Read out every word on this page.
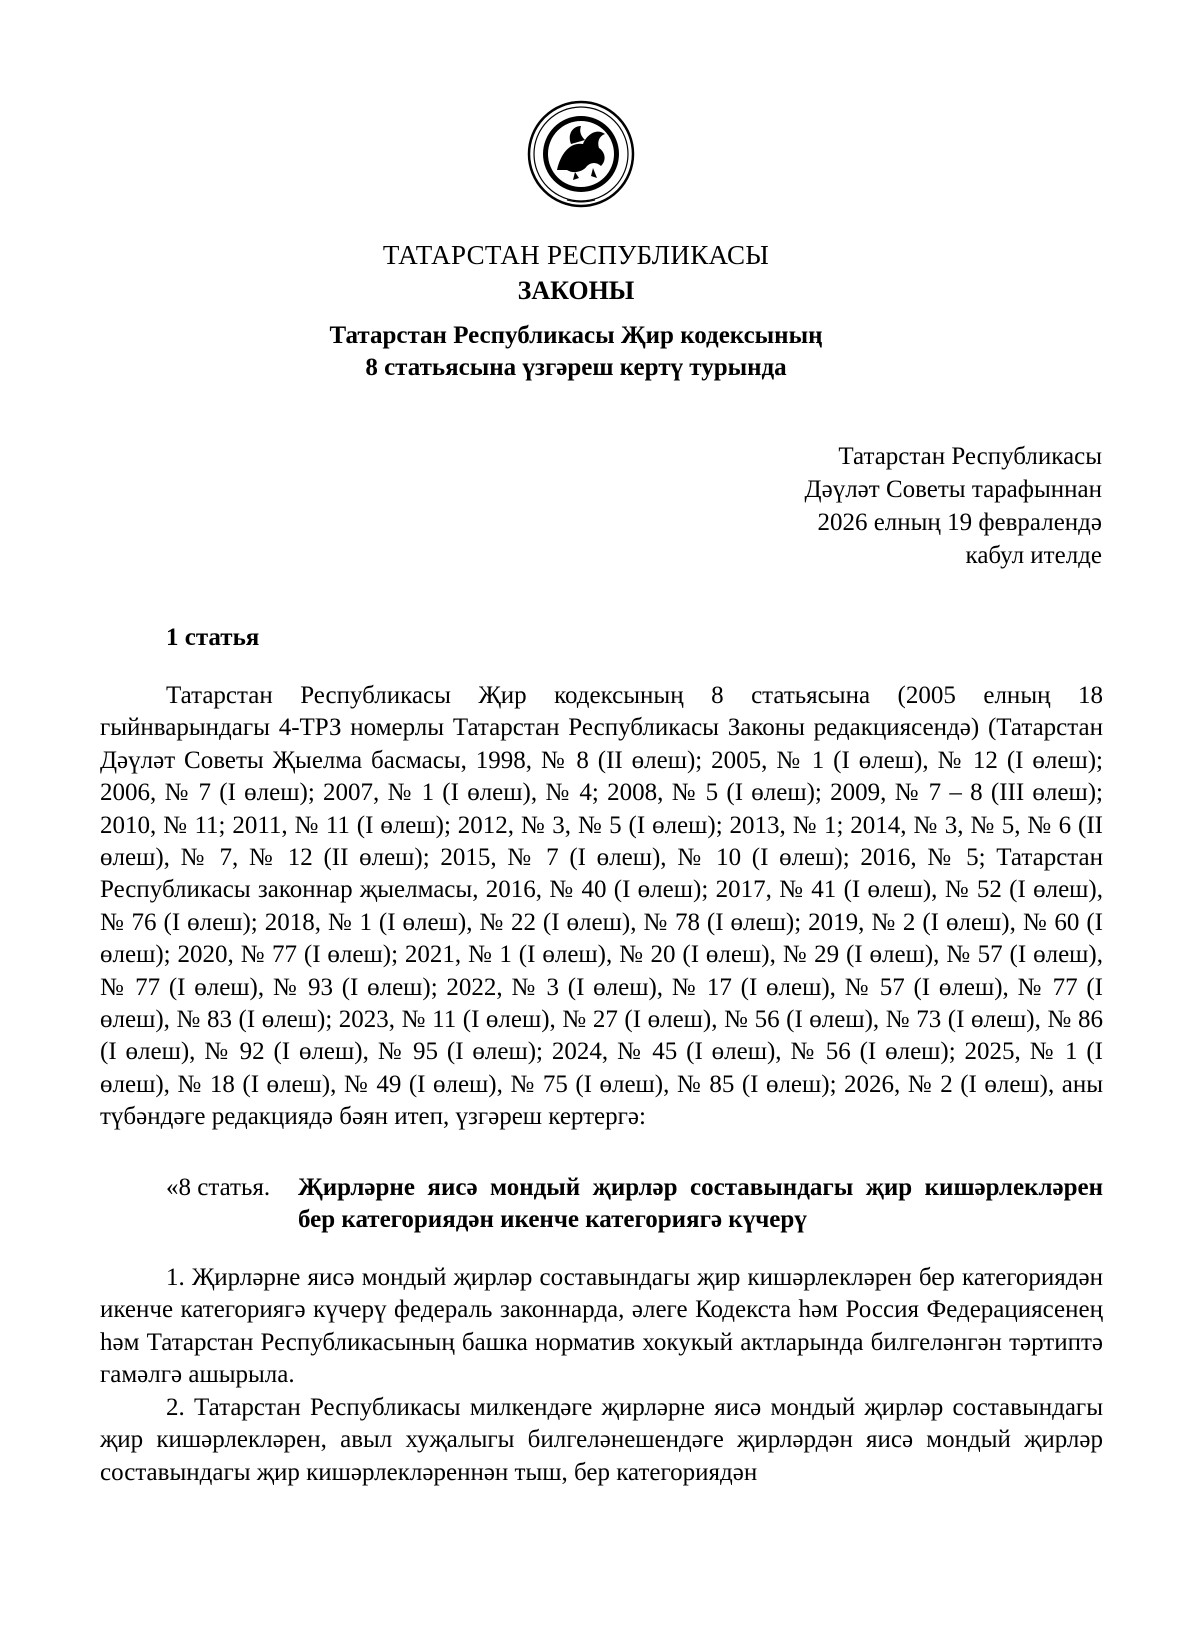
ТАТАРСТАН РЕСПУБЛИКАСЫ
ЗАКОНЫ
Татарстан Республикасы Җир кодексының
8 статьясына үзгәреш кертү турында
Татарстан Республикасы
Дәүләт Советы тарафыннан
2026 елның 19 февралендә
кабул ителде
1 статья
Татарстан Республикасы Җир кодексының 8 статьясына (2005 елның 18 гыйнварындагы 4-ТРЗ номерлы Татарстан Республикасы Законы редакциясендә) (Татарстан Дәүләт Советы Җыелма басмасы, 1998, № 8 (II өлеш); 2005, № 1 (I өлеш), № 12 (I өлеш); 2006, № 7 (I өлеш); 2007, № 1 (I өлеш), № 4; 2008, № 5 (I өлеш); 2009, № 7 – 8 (III өлеш); 2010, № 11; 2011, № 11 (I өлеш); 2012, № 3, № 5 (I өлеш); 2013, № 1; 2014, № 3, № 5, № 6 (II өлеш), № 7, № 12 (II өлеш); 2015, № 7 (I өлеш), № 10 (I өлеш); 2016, № 5; Татарстан Республикасы законнар җыелмасы, 2016, № 40 (I өлеш); 2017, № 41 (I өлеш), № 52 (I өлеш), № 76 (I өлеш); 2018, № 1 (I өлеш), № 22 (I өлеш), № 78 (I өлеш); 2019, № 2 (I өлеш), № 60 (I өлеш); 2020, № 77 (I өлеш); 2021, № 1 (I өлеш), № 20 (I өлеш), № 29 (I өлеш), № 57 (I өлеш), № 77 (I өлеш), № 93 (I өлеш); 2022, № 3 (I өлеш), № 17 (I өлеш), № 57 (I өлеш), № 77 (I өлеш), № 83 (I өлеш); 2023, № 11 (I өлеш), № 27 (I өлеш), № 56 (I өлеш), № 73 (I өлеш), № 86 (I өлеш), № 92 (I өлеш), № 95 (I өлеш); 2024, № 45 (I өлеш), № 56 (I өлеш); 2025, № 1 (I өлеш), № 18 (I өлеш), № 49 (I өлеш), № 75 (I өлеш), № 85 (I өлеш); 2026, № 2 (I өлеш), аны түбәндәге редакциядә бәян итеп, үзгәреш кертергә:
«8 статья. Җирләрне яисә мондый җирләр составындагы җир кишәрлекләрен бер категориядән икенче категориягә күчерү
1. Җирләрне яисә мондый җирләр составындагы җир кишәрлекләрен бер категориядән икенче категориягә күчерү федераль законнарда, әлеге Кодекста һәм Россия Федерациясенең һәм Татарстан Республикасының башка норматив хокукый актларында билгеләнгән тәртиптә гамәлгә ашырыла.
2. Татарстан Республикасы милкендәге җирләрне яисә мондый җирләр составындагы җир кишәрлекләрен, авыл хуҗалыгы билгеләнешендәге җирләрдән яисә мондый җирләр составындагы җир кишәрлекләреннән тыш, бер категориядән
